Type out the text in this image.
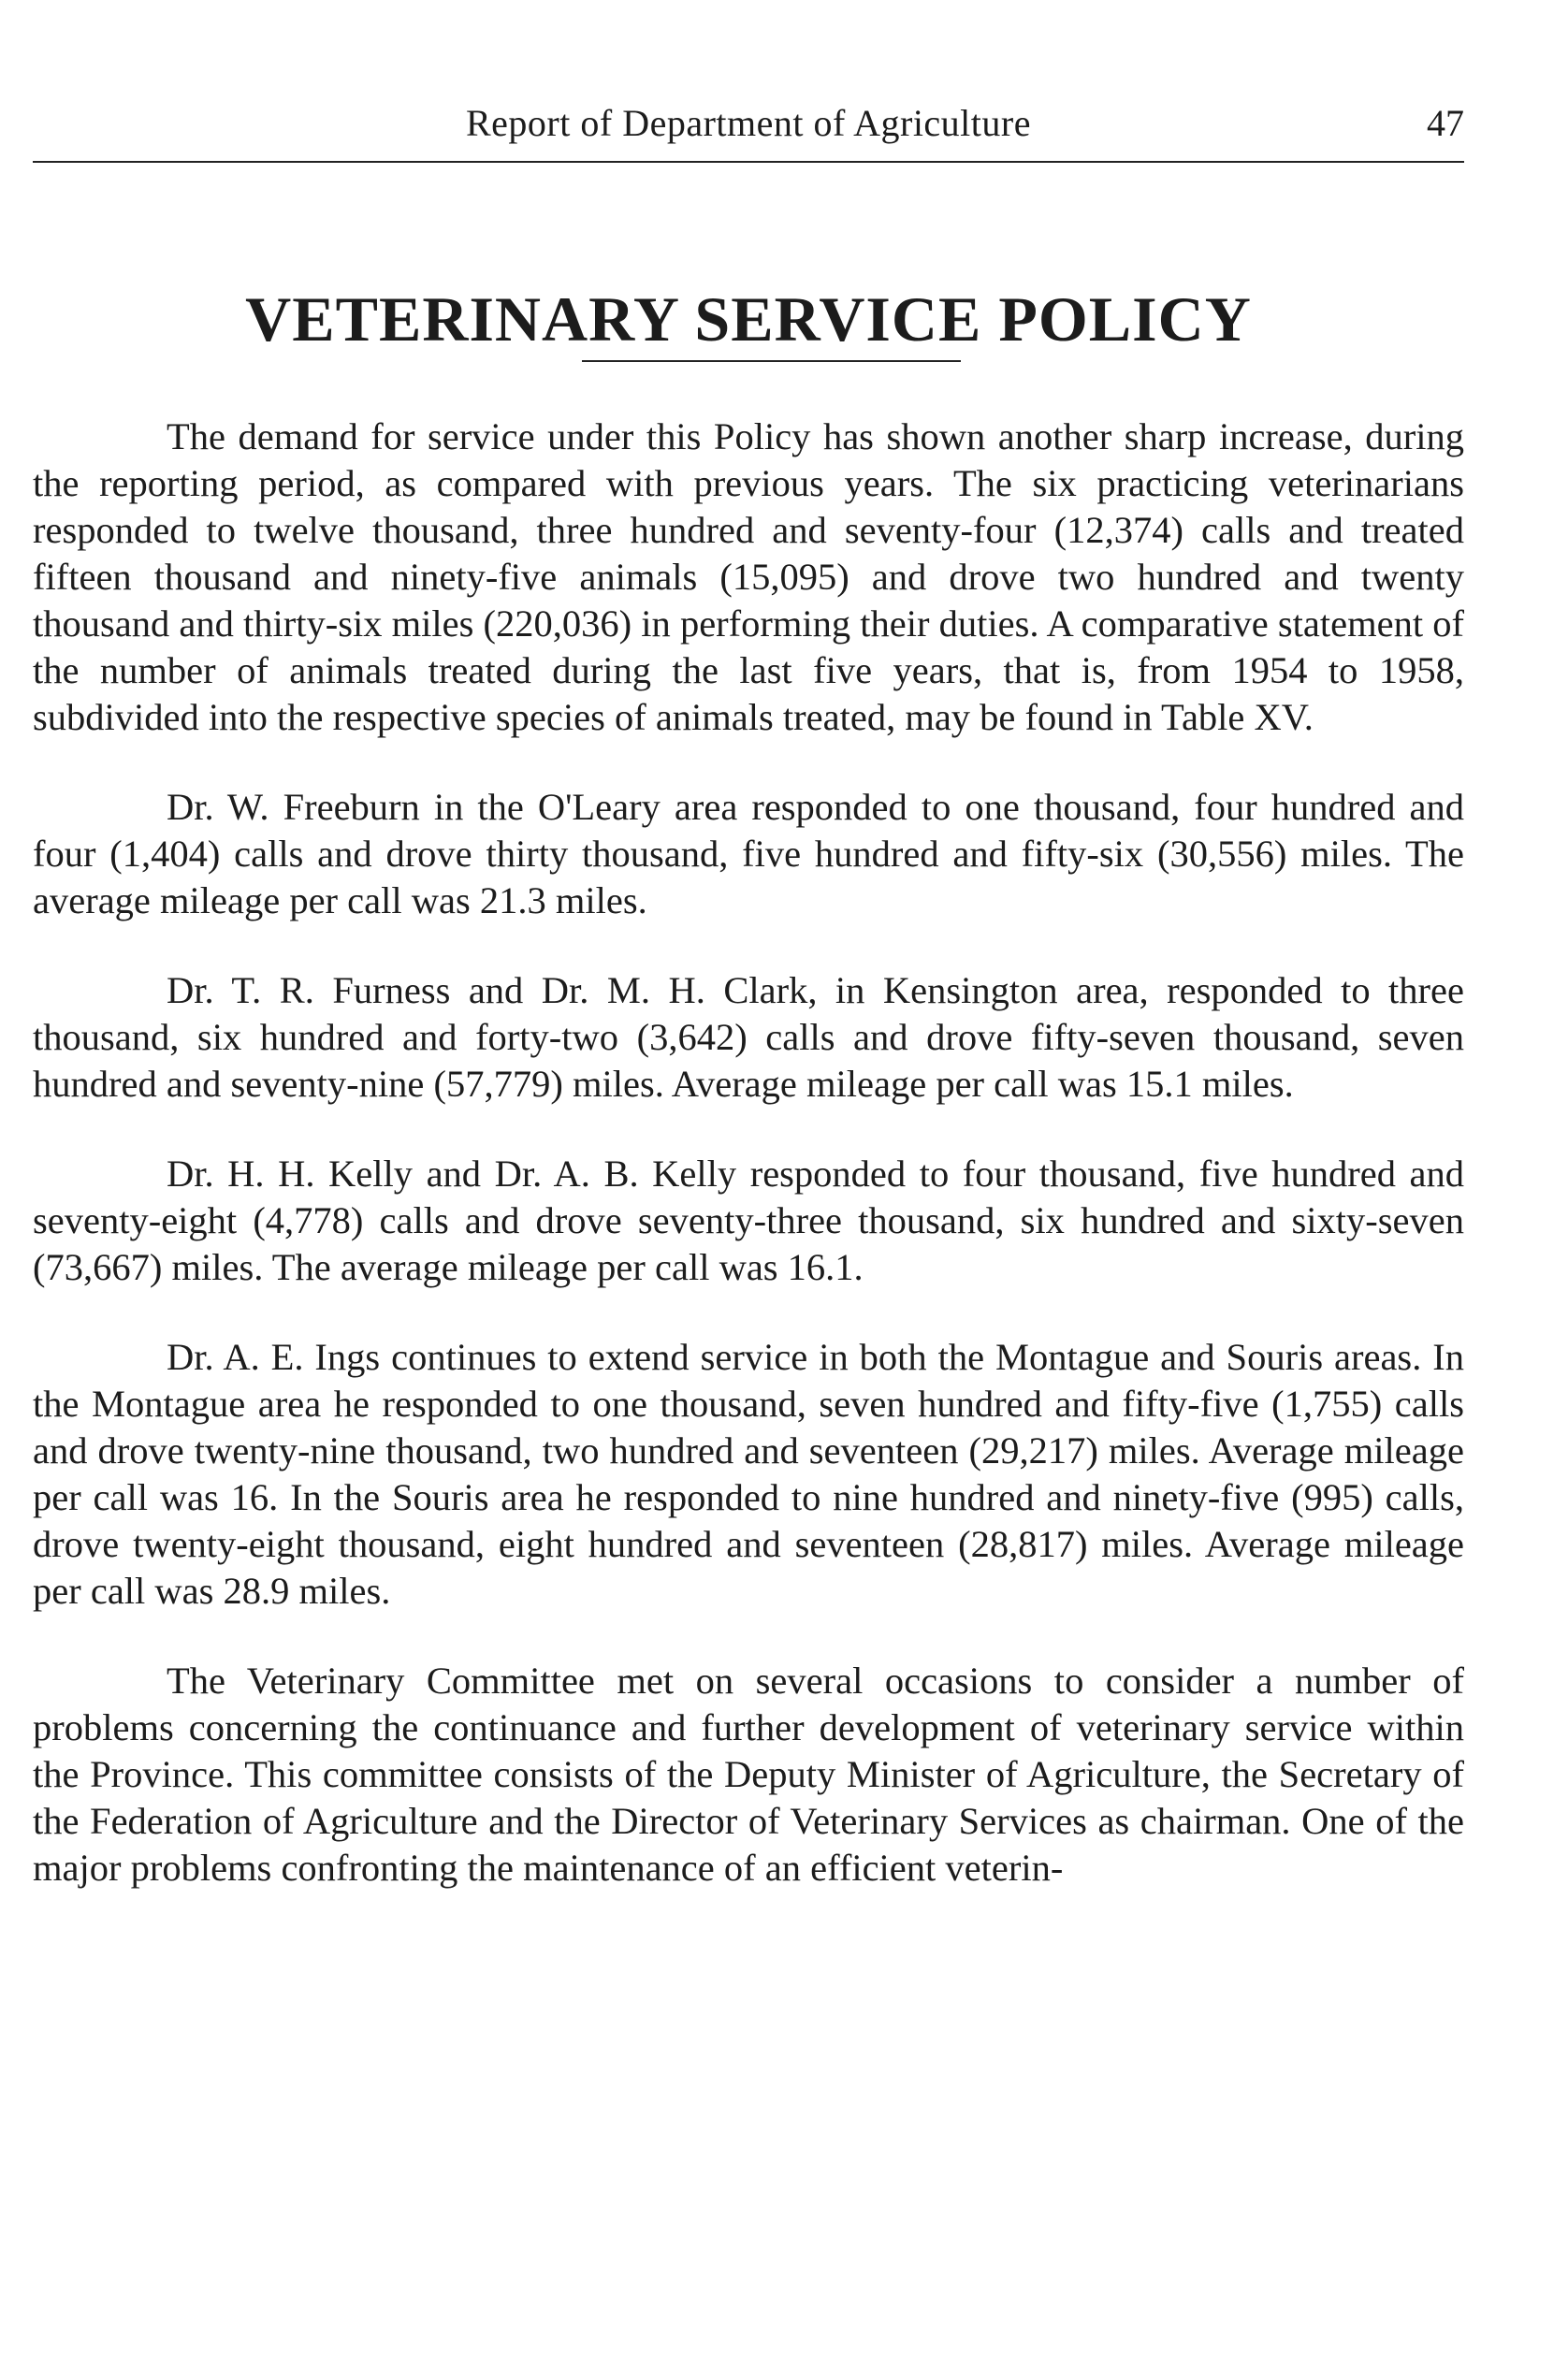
Report of Department of Agriculture	47
VETERINARY SERVICE POLICY

The demand for service under this Policy has shown another sharp increase, during the reporting period, as compared with previous years. The six practicing veterinarians responded to twelve thousand, three hundred and seventy-four (12,374) calls and treated fifteen thousand and ninety-five animals (15,095) and drove two hundred and twenty thousand and thirty-six miles (220,036) in performing their duties. A comparative statement of the number of animals treated during the last five years, that is, from 1954 to 1958, subdivided into the respective species of animals treated, may be found in Table XV.

Dr. W. Freeburn in the O'Leary area responded to one thousand, four hundred and four (1,404) calls and drove thirty thousand, five hundred and fifty-six (30,556) miles. The average mileage per call was 21.3 miles.

Dr. T. R. Furness and Dr. M. H. Clark, in Kensington area, responded to three thousand, six hundred and forty-two (3,642) calls and drove fifty-seven thousand, seven hundred and seventy-nine (57,779) miles. Average mileage per call was 15.1 miles.

Dr. H. H. Kelly and Dr. A. B. Kelly responded to four thousand, five hundred and seventy-eight (4,778) calls and drove seventy-three thousand, six hundred and sixty-seven (73,667) miles. The average mileage per call was 16.1.

Dr. A. E. Ings continues to extend service in both the Montague and Souris areas. In the Montague area he responded to one thousand, seven hundred and fifty-five (1,755) calls and drove twenty-nine thousand, two hundred and seventeen (29,217) miles. Average mileage per call was 16. In the Souris area he responded to nine hundred and ninety-five (995) calls, drove twenty-eight thousand, eight hundred and seventeen (28,817) miles. Average mileage per call was 28.9 miles.

The Veterinary Committee met on several occasions to consider a number of problems concerning the continuance and further development of veterinary service within the Province. This committee consists of the Deputy Minister of Agriculture, the Secretary of the Federation of Agriculture and the Director of Veterinary Services as chairman. One of the major problems confronting the maintenance of an efficient veterin-
